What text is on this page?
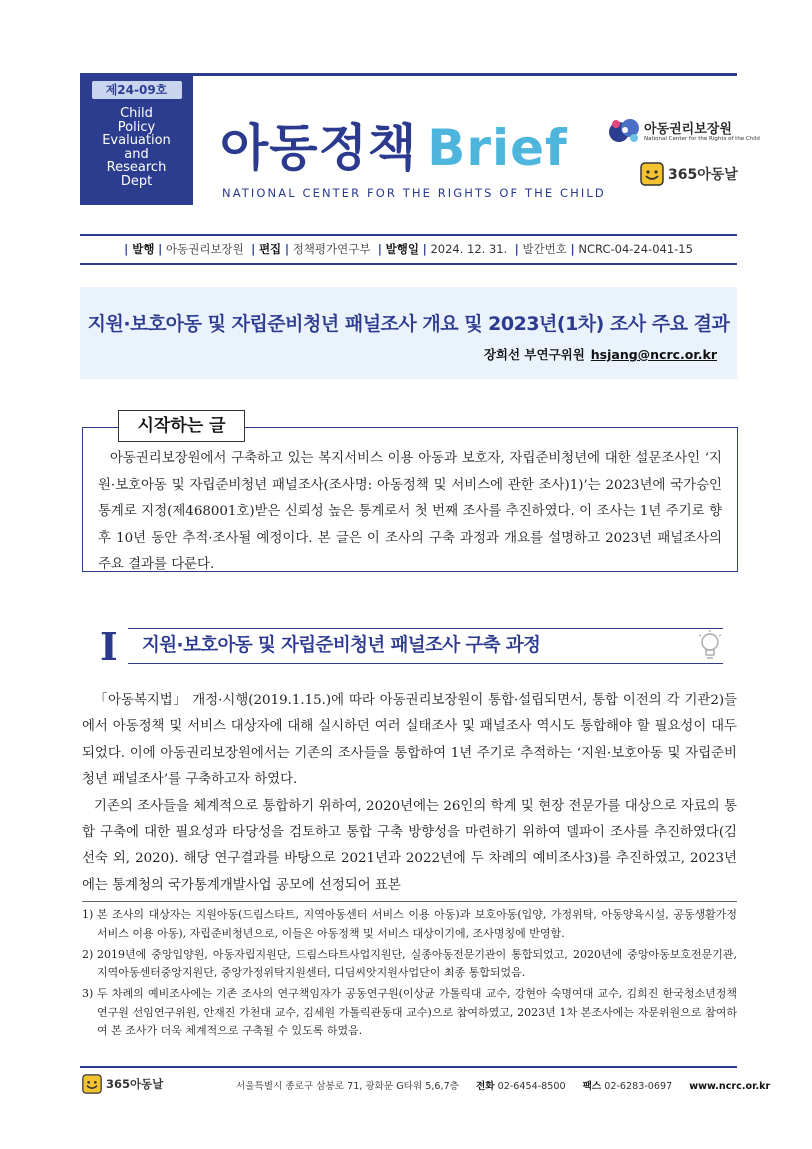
제24-09호
Child
Policy
Evaluation
and
Research
Dept
아동정책 Brief
NATIONAL CENTER FOR THE RIGHTS OF THE CHILD
아동권리보장원
National Center for the Rights of the Child
365아동날
| 발행 | 아동권리보장원 | 편집 | 정책평가연구부 | 발행일 | 2024. 12. 31. | 발간번호 | NCRC-04-24-041-15
지원·보호아동 및 자립준비청년 패널조사 개요 및 2023년(1차) 조사 주요 결과
장희선 부연구위원 hsjang@ncrc.or.kr
시작하는 글
아동권리보장원에서 구축하고 있는 복지서비스 이용 아동과 보호자, 자립준비청년에 대한 설문조사인 ‘지원·보호아동 및 자립준비청년 패널조사(조사명: 아동정책 및 서비스에 관한 조사)1)’는 2023년에 국가승인통계로 지정(제468001호)받은 신뢰성 높은 통계로서 첫 번째 조사를 추진하였다. 이 조사는 1년 주기로 향후 10년 동안 추적·조사될 예정이다. 본 글은 이 조사의 구축 과정과 개요를 설명하고 2023년 패널조사의 주요 결과를 다룬다.
I 지원·보호아동 및 자립준비청년 패널조사 구축 과정

「아동복지법」 개정·시행(2019.1.15.)에 따라 아동권리보장원이 통합·설립되면서, 통합 이전의 각 기관2)들에서 아동정책 및 서비스 대상자에 대해 실시하던 여러 실태조사 및 패널조사 역시도 통합해야 할 필요성이 대두되었다. 이에 아동권리보장원에서는 기존의 조사들을 통합하여 1년 주기로 추적하는 ‘지원·보호아동 및 자립준비청년 패널조사’를 구축하고자 하였다.

기존의 조사들을 체계적으로 통합하기 위하여, 2020년에는 26인의 학계 및 현장 전문가를 대상으로 자료의 통합 구축에 대한 필요성과 타당성을 검토하고 통합 구축 방향성을 마련하기 위하여 델파이 조사를 추진하였다(김선숙 외, 2020). 해당 연구결과를 바탕으로 2021년과 2022년에 두 차례의 예비조사3)를 추진하였고, 2023년에는 통계청의 국가통계개발사업 공모에 선정되어 표본

1) 본 조사의 대상자는 지원아동(드림스타트, 지역아동센터 서비스 이용 아동)과 보호아동(입양, 가정위탁, 아동양육시설, 공동생활가정 서비스 이용 아동), 자립준비청년으로, 이들은 아동정책 및 서비스 대상이기에, 조사명칭에 반영함.
2) 2019년에 중앙입양원, 아동자립지원단, 드림스타트사업지원단, 실종아동전문기관이 통합되었고, 2020년에 중앙아동보호전문기관, 지역아동센터중앙지원단, 중앙가정위탁지원센터, 디딤씨앗지원사업단이 최종 통합되었음.
3) 두 차례의 예비조사에는 기존 조사의 연구책임자가 공동연구원(이상균 가톨릭대 교수, 강현아 숙명여대 교수, 김희진 한국청소년정책연구원 선임연구위원, 안재진 가천대 교수, 김세원 가톨릭관동대 교수)으로 참여하였고, 2023년 1차 본조사에는 자문위원으로 참여하여 본 조사가 더욱 체계적으로 구축될 수 있도록 하였음.
365아동날	서울특별시 종로구 삼봉로 71, 광화문 G타워 5,6,7층 전화 02-6454-8500 팩스 02-6283-0697 www.ncrc.or.kr
